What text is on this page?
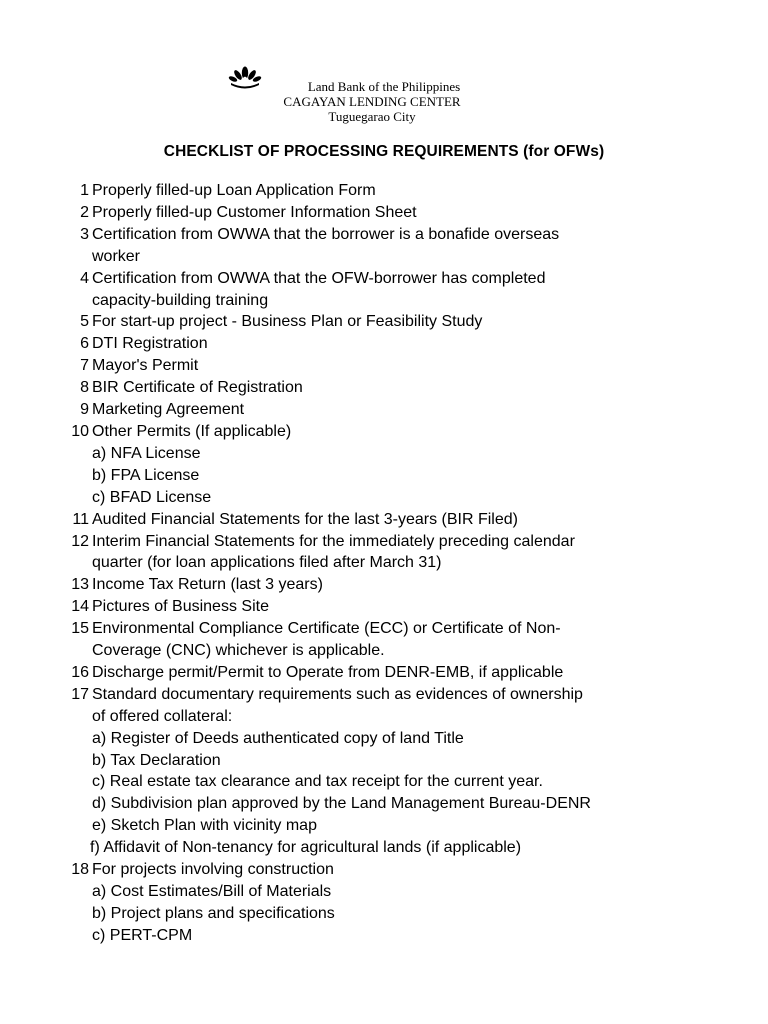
Land Bank of the Philippines
CAGAYAN LENDING CENTER
Tuguegarao City
CHECKLIST OF PROCESSING REQUIREMENTS (for OFWs)
1 Properly filled-up Loan Application Form
2 Properly filled-up Customer Information Sheet
3 Certification from OWWA that the borrower is a bonafide overseas
worker
4 Certification from OWWA that the OFW-borrower has completed
capacity-building training
5 For start-up project - Business Plan or Feasibility Study
6 DTI Registration
7 Mayor's Permit
8 BIR Certificate of Registration
9 Marketing Agreement
10 Other Permits (If applicable)
a) NFA License
b) FPA License
c) BFAD License
11 Audited Financial Statements for the last 3-years (BIR Filed)
12 Interim Financial Statements for the immediately preceding calendar
quarter (for loan applications filed after March 31)
13 Income Tax Return (last 3 years)
14 Pictures of Business Site
15 Environmental Compliance Certificate (ECC) or Certificate of Non-
Coverage (CNC) whichever is applicable.
16 Discharge permit/Permit to Operate from DENR-EMB, if applicable
17 Standard documentary requirements such as evidences of ownership
of offered collateral:
a) Register of Deeds authenticated copy of land Title
b) Tax Declaration
c) Real estate tax clearance and tax receipt for the current year.
d) Subdivision plan approved by the Land Management Bureau-DENR
e) Sketch Plan with vicinity map
f) Affidavit of Non-tenancy for agricultural lands (if applicable)
18 For projects involving construction
a) Cost Estimates/Bill of Materials
b) Project plans and specifications
c) PERT-CPM
